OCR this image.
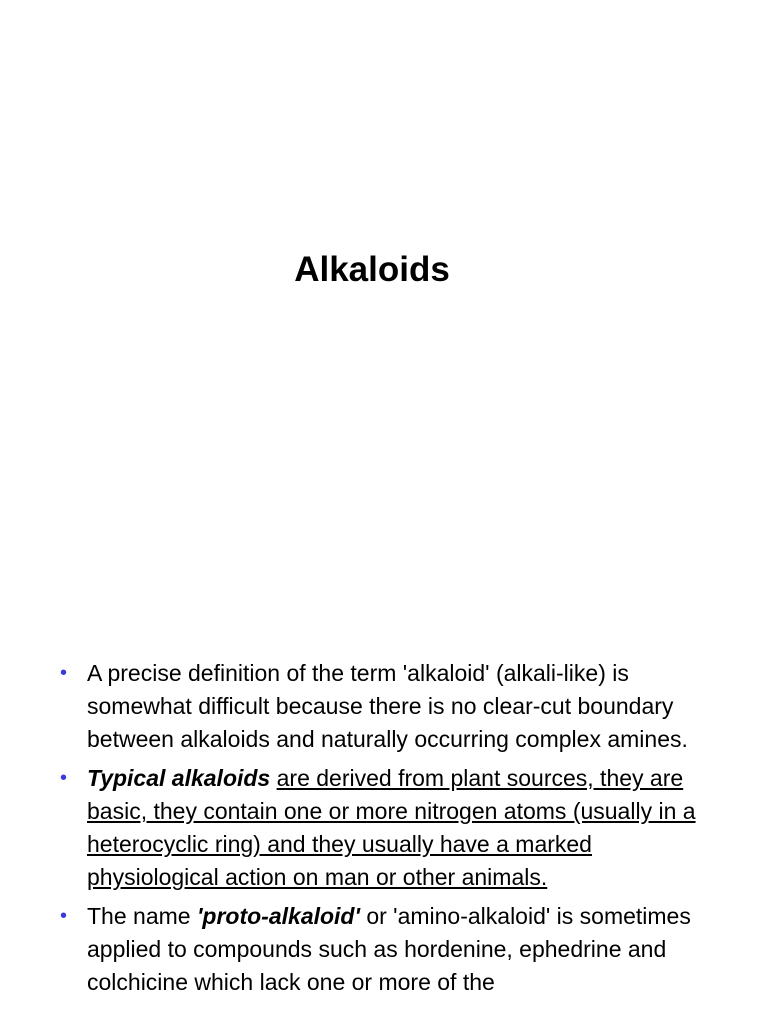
Alkaloids
• A precise definition of the term 'alkaloid' (alkali-like) is somewhat difficult because there is no clear-cut boundary between alkaloids and naturally occurring complex amines.
• Typical alkaloids are derived from plant sources, they are basic, they contain one or more nitrogen atoms (usually in a heterocyclic ring) and they usually have a marked physiological action on man or other animals.
• The name 'proto-alkaloid' or 'amino-alkaloid' is sometimes applied to compounds such as hordenine, ephedrine and colchicine which lack one or more of the
